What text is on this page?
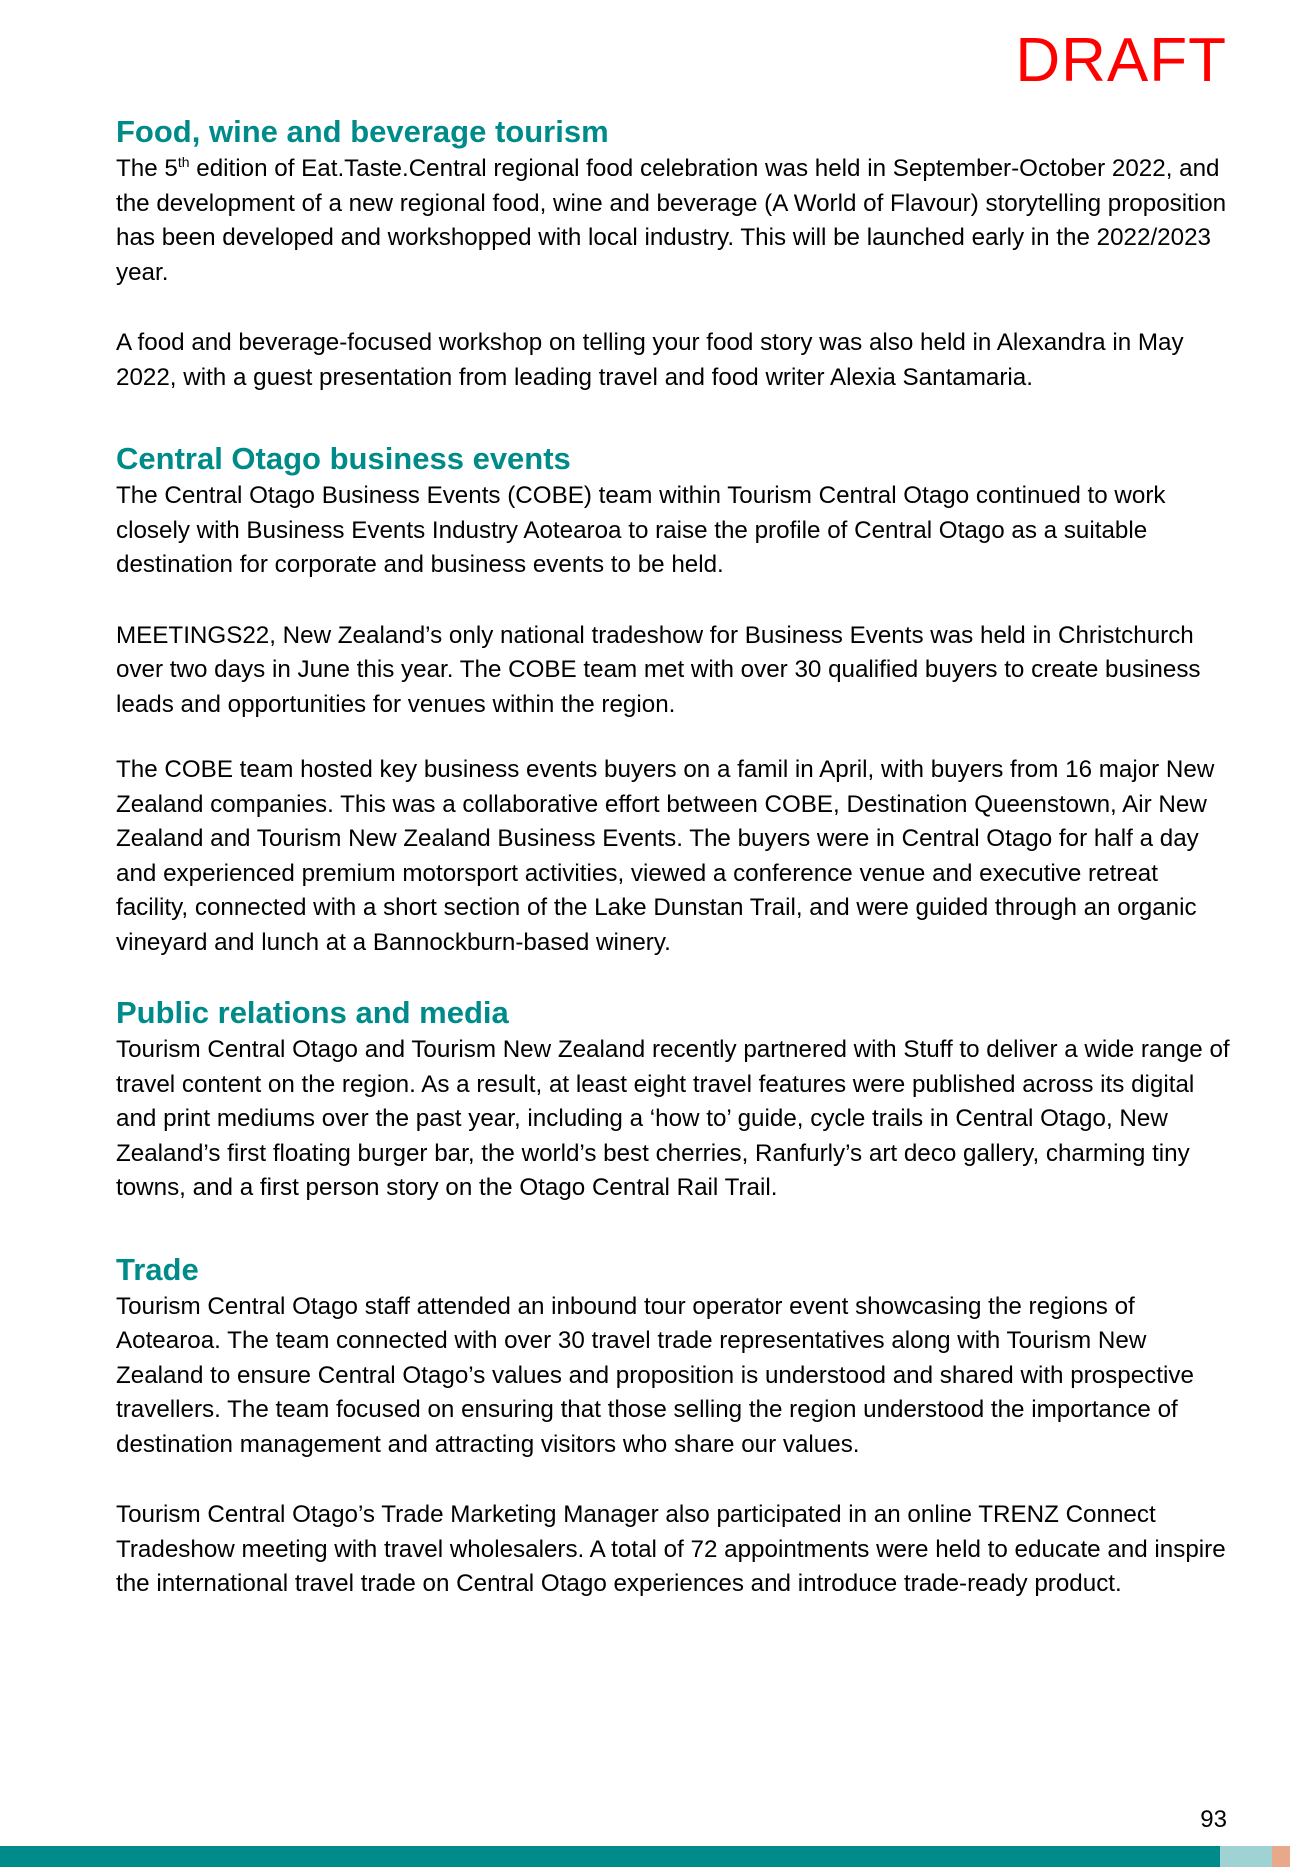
DRAFT
Food, wine and beverage tourism

The 5th edition of Eat.Taste.Central regional food celebration was held in September-October 2022, and the development of a new regional food, wine and beverage (A World of Flavour) storytelling proposition has been developed and workshopped with local industry. This will be launched early in the 2022/2023 year.

A food and beverage-focused workshop on telling your food story was also held in Alexandra in May 2022, with a guest presentation from leading travel and food writer Alexia Santamaria.

Central Otago business events

The Central Otago Business Events (COBE) team within Tourism Central Otago continued to work closely with Business Events Industry Aotearoa to raise the profile of Central Otago as a suitable destination for corporate and business events to be held.

MEETINGS22, New Zealand’s only national tradeshow for Business Events was held in Christchurch over two days in June this year. The COBE team met with over 30 qualified buyers to create business leads and opportunities for venues within the region.

The COBE team hosted key business events buyers on a famil in April, with buyers from 16 major New Zealand companies. This was a collaborative effort between COBE, Destination Queenstown, Air New Zealand and Tourism New Zealand Business Events. The buyers were in Central Otago for half a day and experienced premium motorsport activities, viewed a conference venue and executive retreat facility, connected with a short section of the Lake Dunstan Trail, and were guided through an organic vineyard and lunch at a Bannockburn-based winery.

Public relations and media

Tourism Central Otago and Tourism New Zealand recently partnered with Stuff to deliver a wide range of travel content on the region. As a result, at least eight travel features were published across its digital and print mediums over the past year, including a ‘how to’ guide, cycle trails in Central Otago, New Zealand’s first floating burger bar, the world’s best cherries, Ranfurly’s art deco gallery, charming tiny towns, and a first person story on the Otago Central Rail Trail.

Trade

Tourism Central Otago staff attended an inbound tour operator event showcasing the regions of Aotearoa. The team connected with over 30 travel trade representatives along with Tourism New Zealand to ensure Central Otago’s values and proposition is understood and shared with prospective travellers. The team focused on ensuring that those selling the region understood the importance of destination management and attracting visitors who share our values.

Tourism Central Otago’s Trade Marketing Manager also participated in an online TRENZ Connect Tradeshow meeting with travel wholesalers. A total of 72 appointments were held to educate and inspire the international travel trade on Central Otago experiences and introduce trade-ready product.

93
